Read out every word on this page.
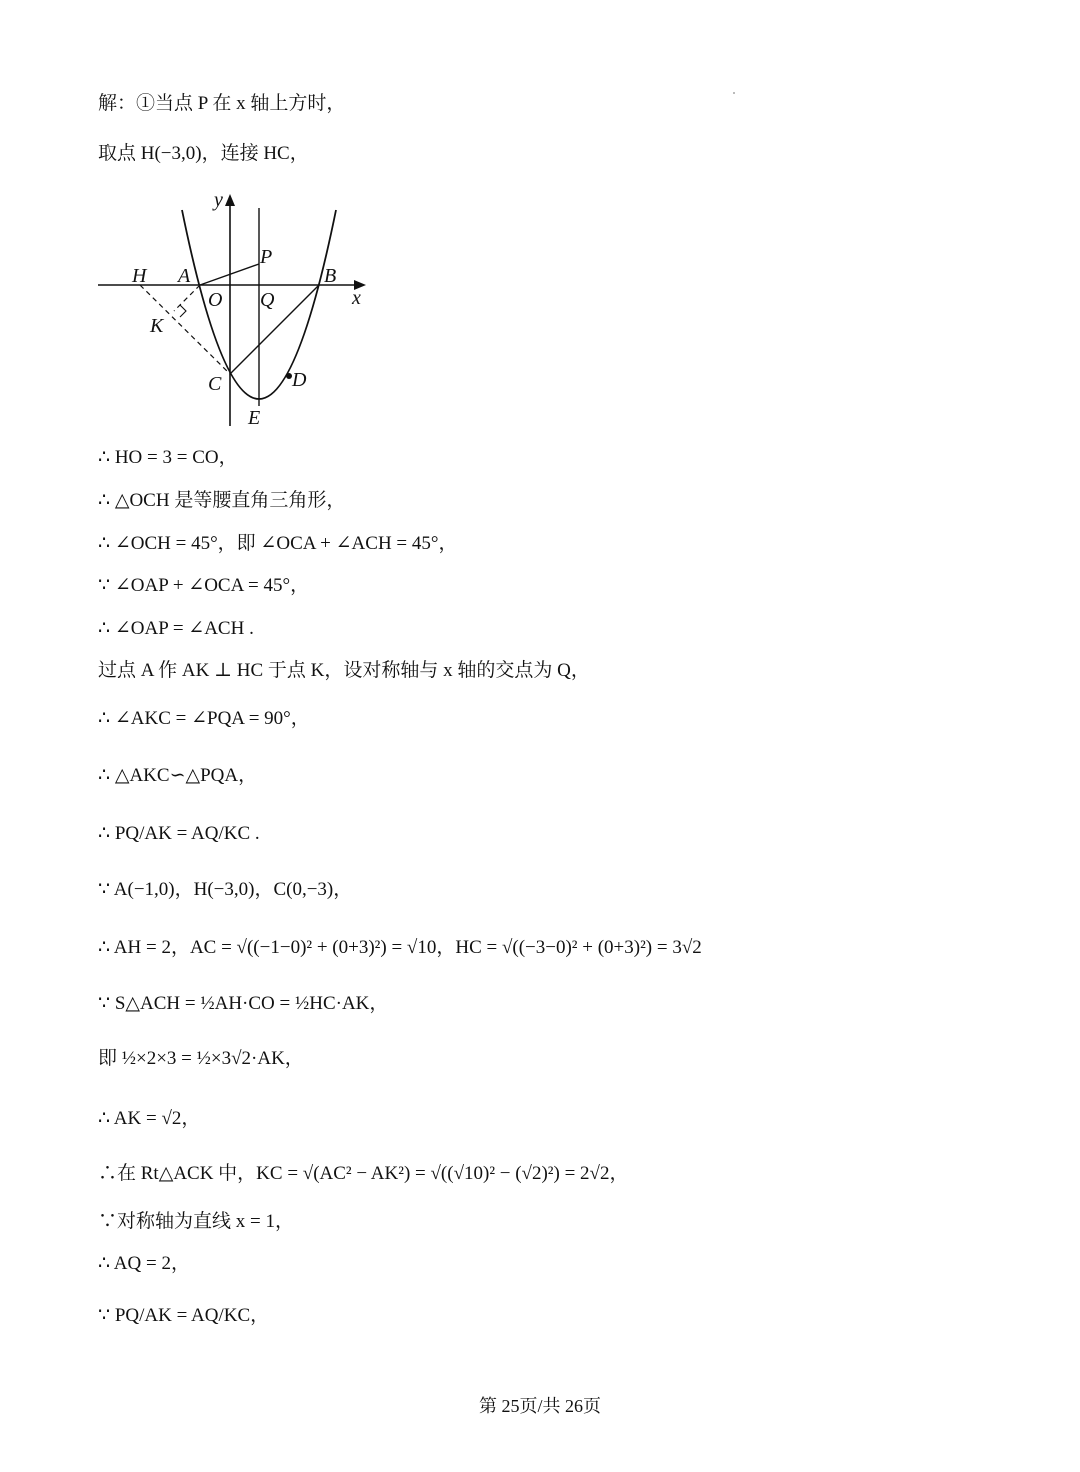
解：①当点 P 在 x 轴上方时，
取点 H(−3,0)，连接 HC，
∴ HO = 3 = CO，
∴ △OCH 是等腰直角三角形，
∴ ∠OCH = 45°，即 ∠OCA + ∠ACH = 45°，
∵ ∠OAP + ∠OCA = 45°，
∴ ∠OAP = ∠ACH .
过点 A 作 AK ⊥ HC 于点 K，设对称轴与 x 轴的交点为 Q，
∴ ∠AKC = ∠PQA = 90°，
∴ △AKC∽△PQA，
∴ PQ/AK = AQ/KC .
∵ A(−1,0)，H(−3,0)，C(0,−3)，
∴ AH = 2，AC = √((−1−0)² + (0+3)²) = √10，HC = √((−3−0)² + (0+3)²) = 3√2
∵ S△ACH = ½AH·CO = ½HC·AK，
即 ½×2×3 = ½×3√2·AK，
∴ AK = √2，
∴在 Rt△ACK 中，KC = √(AC² − AK²) = √((√10)² − (√2)²) = 2√2，
∵对称轴为直线 x = 1，
∴ AQ = 2，
∵ PQ/AK = AQ/KC，
y
x
H A
O
P
Q
B
K
C	D
E
第 25页/共 26页
